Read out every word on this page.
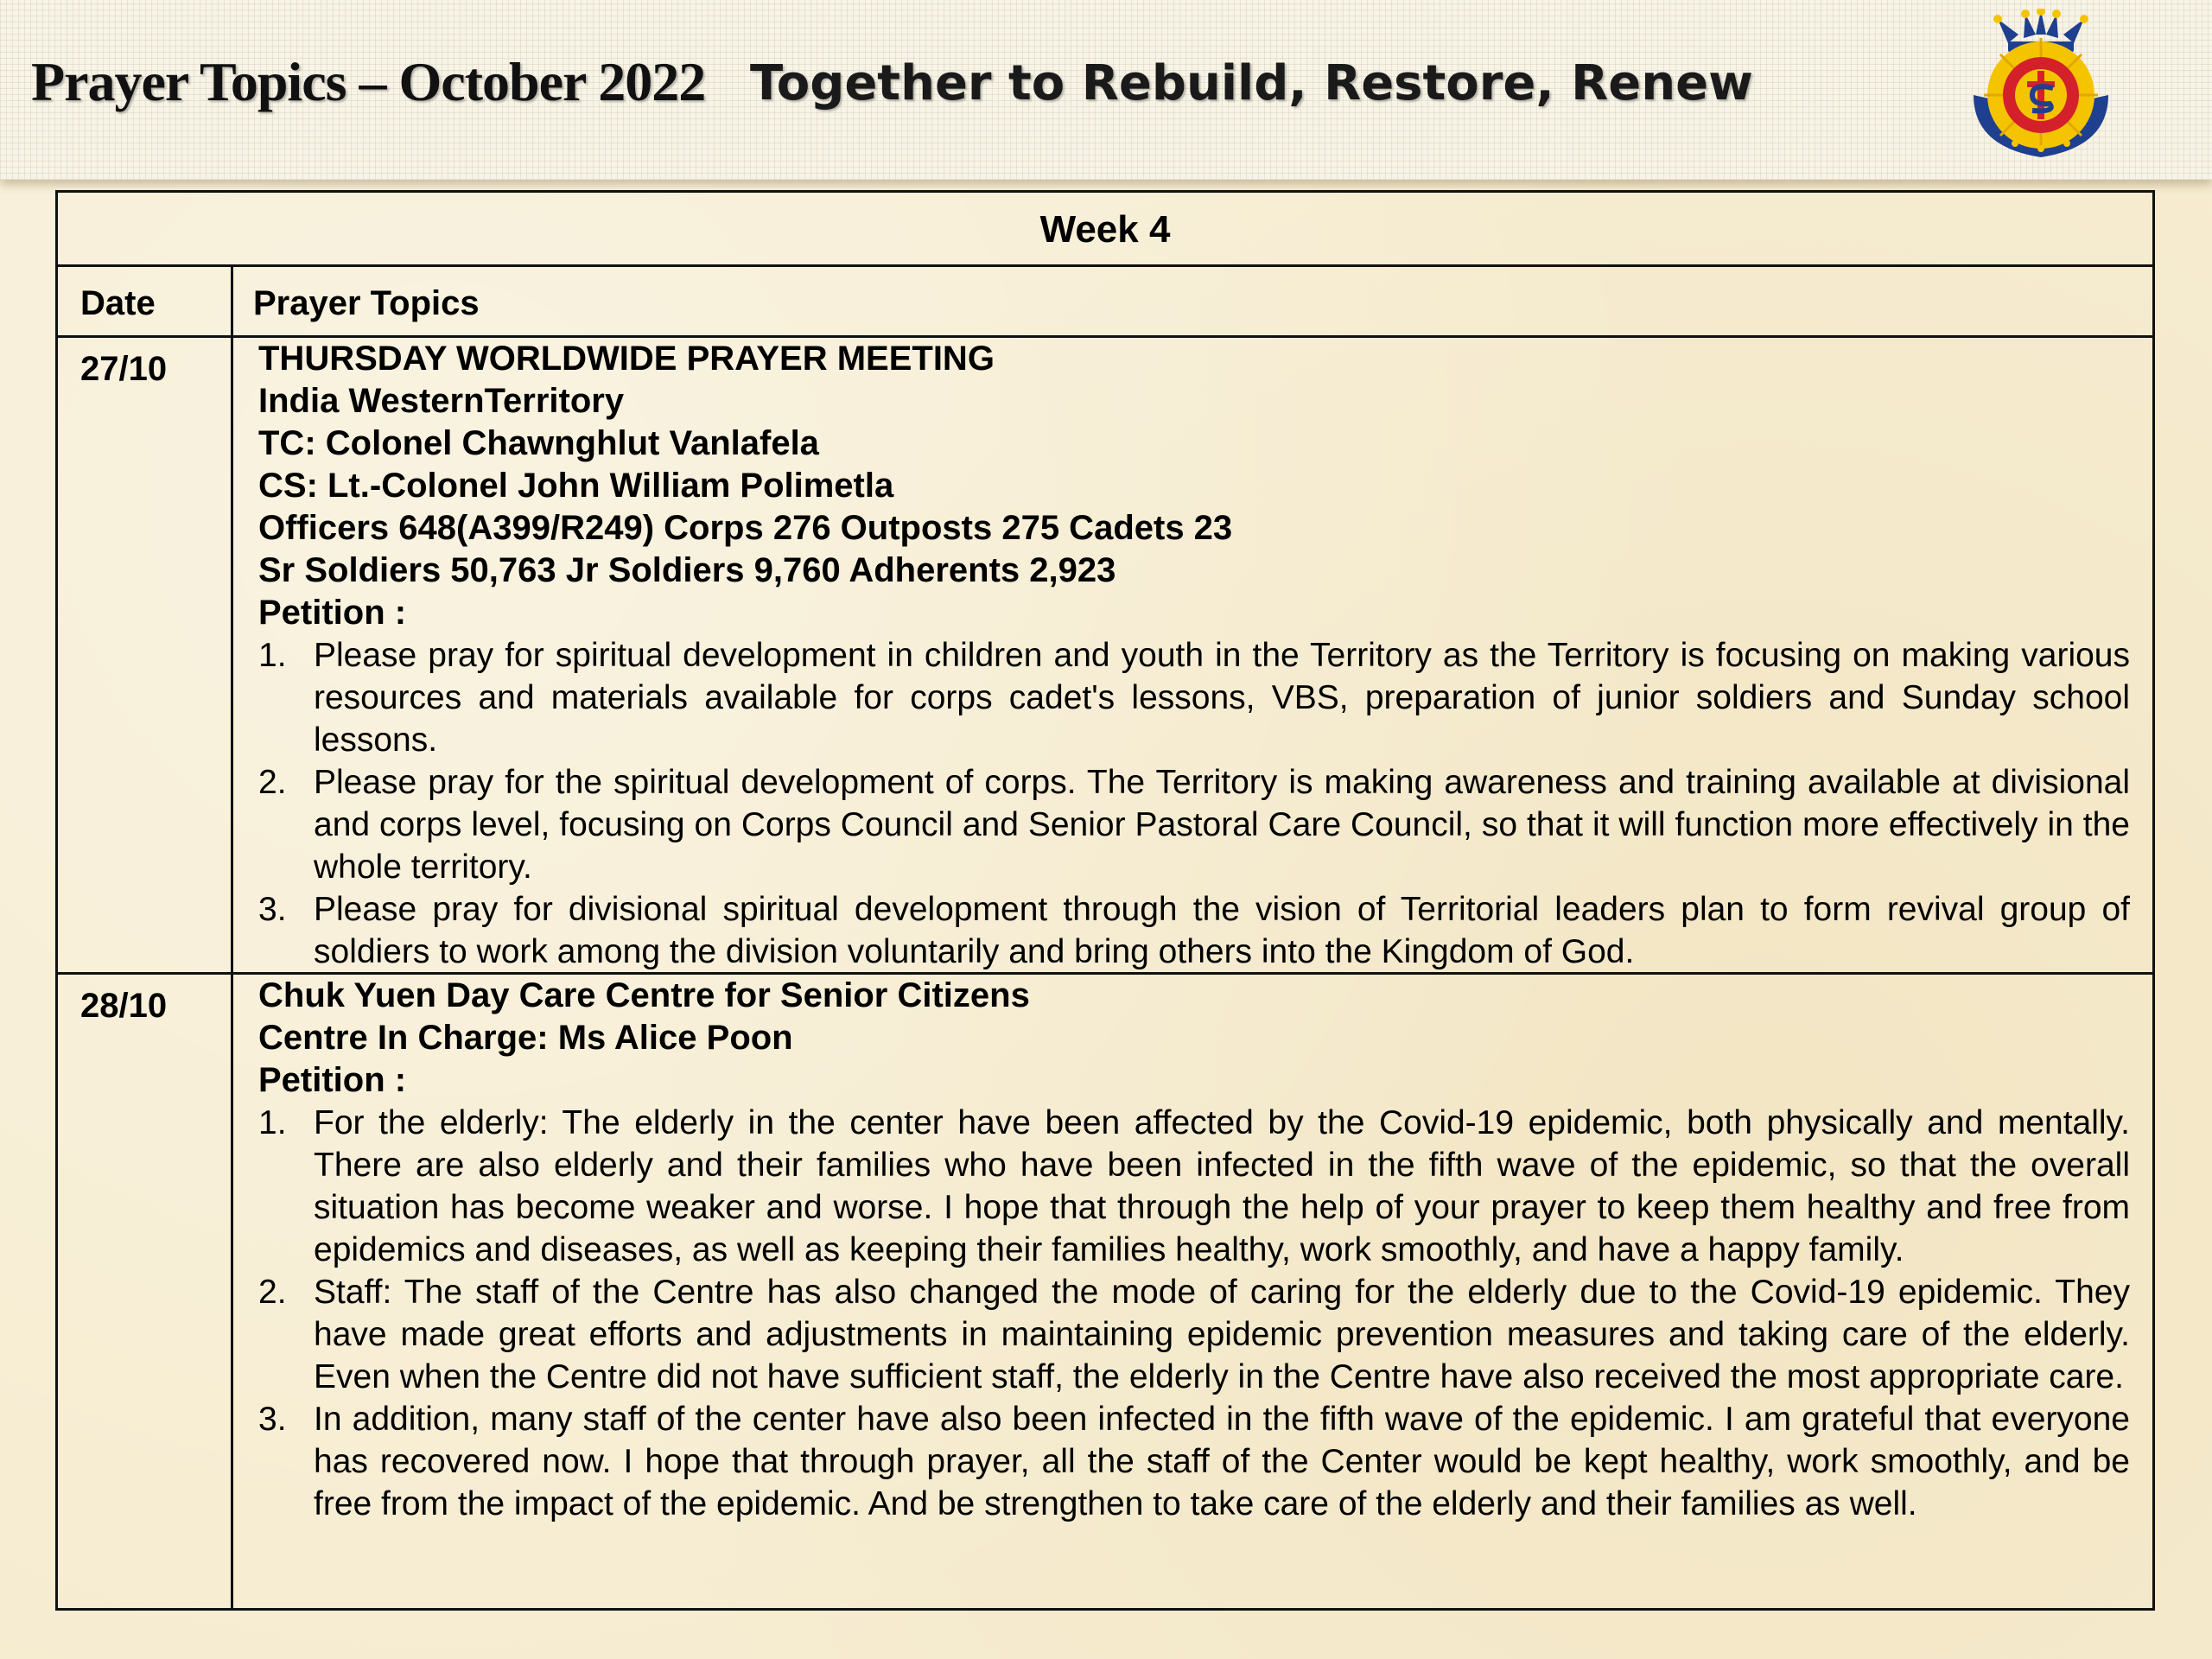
Prayer Topics – October 2022 Together to Rebuild, Restore, Renew
Week 4
Date	Prayer Topics
27/10	THURSDAY WORLDWIDE PRAYER MEETING
India WesternTerritory
TC: Colonel Chawnghlut Vanlafela
CS: Lt.-Colonel John William Polimetla
Officers 648(A399/R249) Corps 276 Outposts 275 Cadets 23
Sr Soldiers 50,763 Jr Soldiers 9,760 Adherents 2,923
Petition :
1. Please pray for spiritual development in children and youth in the Territory as the Territory is focusing on making various resources and materials available for corps cadet's lessons, VBS, preparation of junior soldiers and Sunday school lessons.
2. Please pray for the spiritual development of corps. The Territory is making awareness and training available at divisional and corps level, focusing on Corps Council and Senior Pastoral Care Council, so that it will function more effectively in the whole territory.
3. Please pray for divisional spiritual development through the vision of Territorial leaders plan to form revival group of soldiers to work among the division voluntarily and bring others into the Kingdom of God.
28/10	Chuk Yuen Day Care Centre for Senior Citizens
Centre In Charge: Ms Alice Poon
Petition :
1. For the elderly: The elderly in the center have been affected by the Covid-19 epidemic, both physically and mentally. There are also elderly and their families who have been infected in the fifth wave of the epidemic, so that the overall situation has become weaker and worse. I hope that through the help of your prayer to keep them healthy and free from epidemics and diseases, as well as keeping their families healthy, work smoothly, and have a happy family.
2. Staff: The staff of the Centre has also changed the mode of caring for the elderly due to the Covid-19 epidemic. They have made great efforts and adjustments in maintaining epidemic prevention measures and taking care of the elderly. Even when the Centre did not have sufficient staff, the elderly in the Centre have also received the most appropriate care.
3. In addition, many staff of the center have also been infected in the fifth wave of the epidemic. I am grateful that everyone has recovered now. I hope that through prayer, all the staff of the Center would be kept healthy, work smoothly, and be free from the impact of the epidemic. And be strengthen to take care of the elderly and their families as well.
